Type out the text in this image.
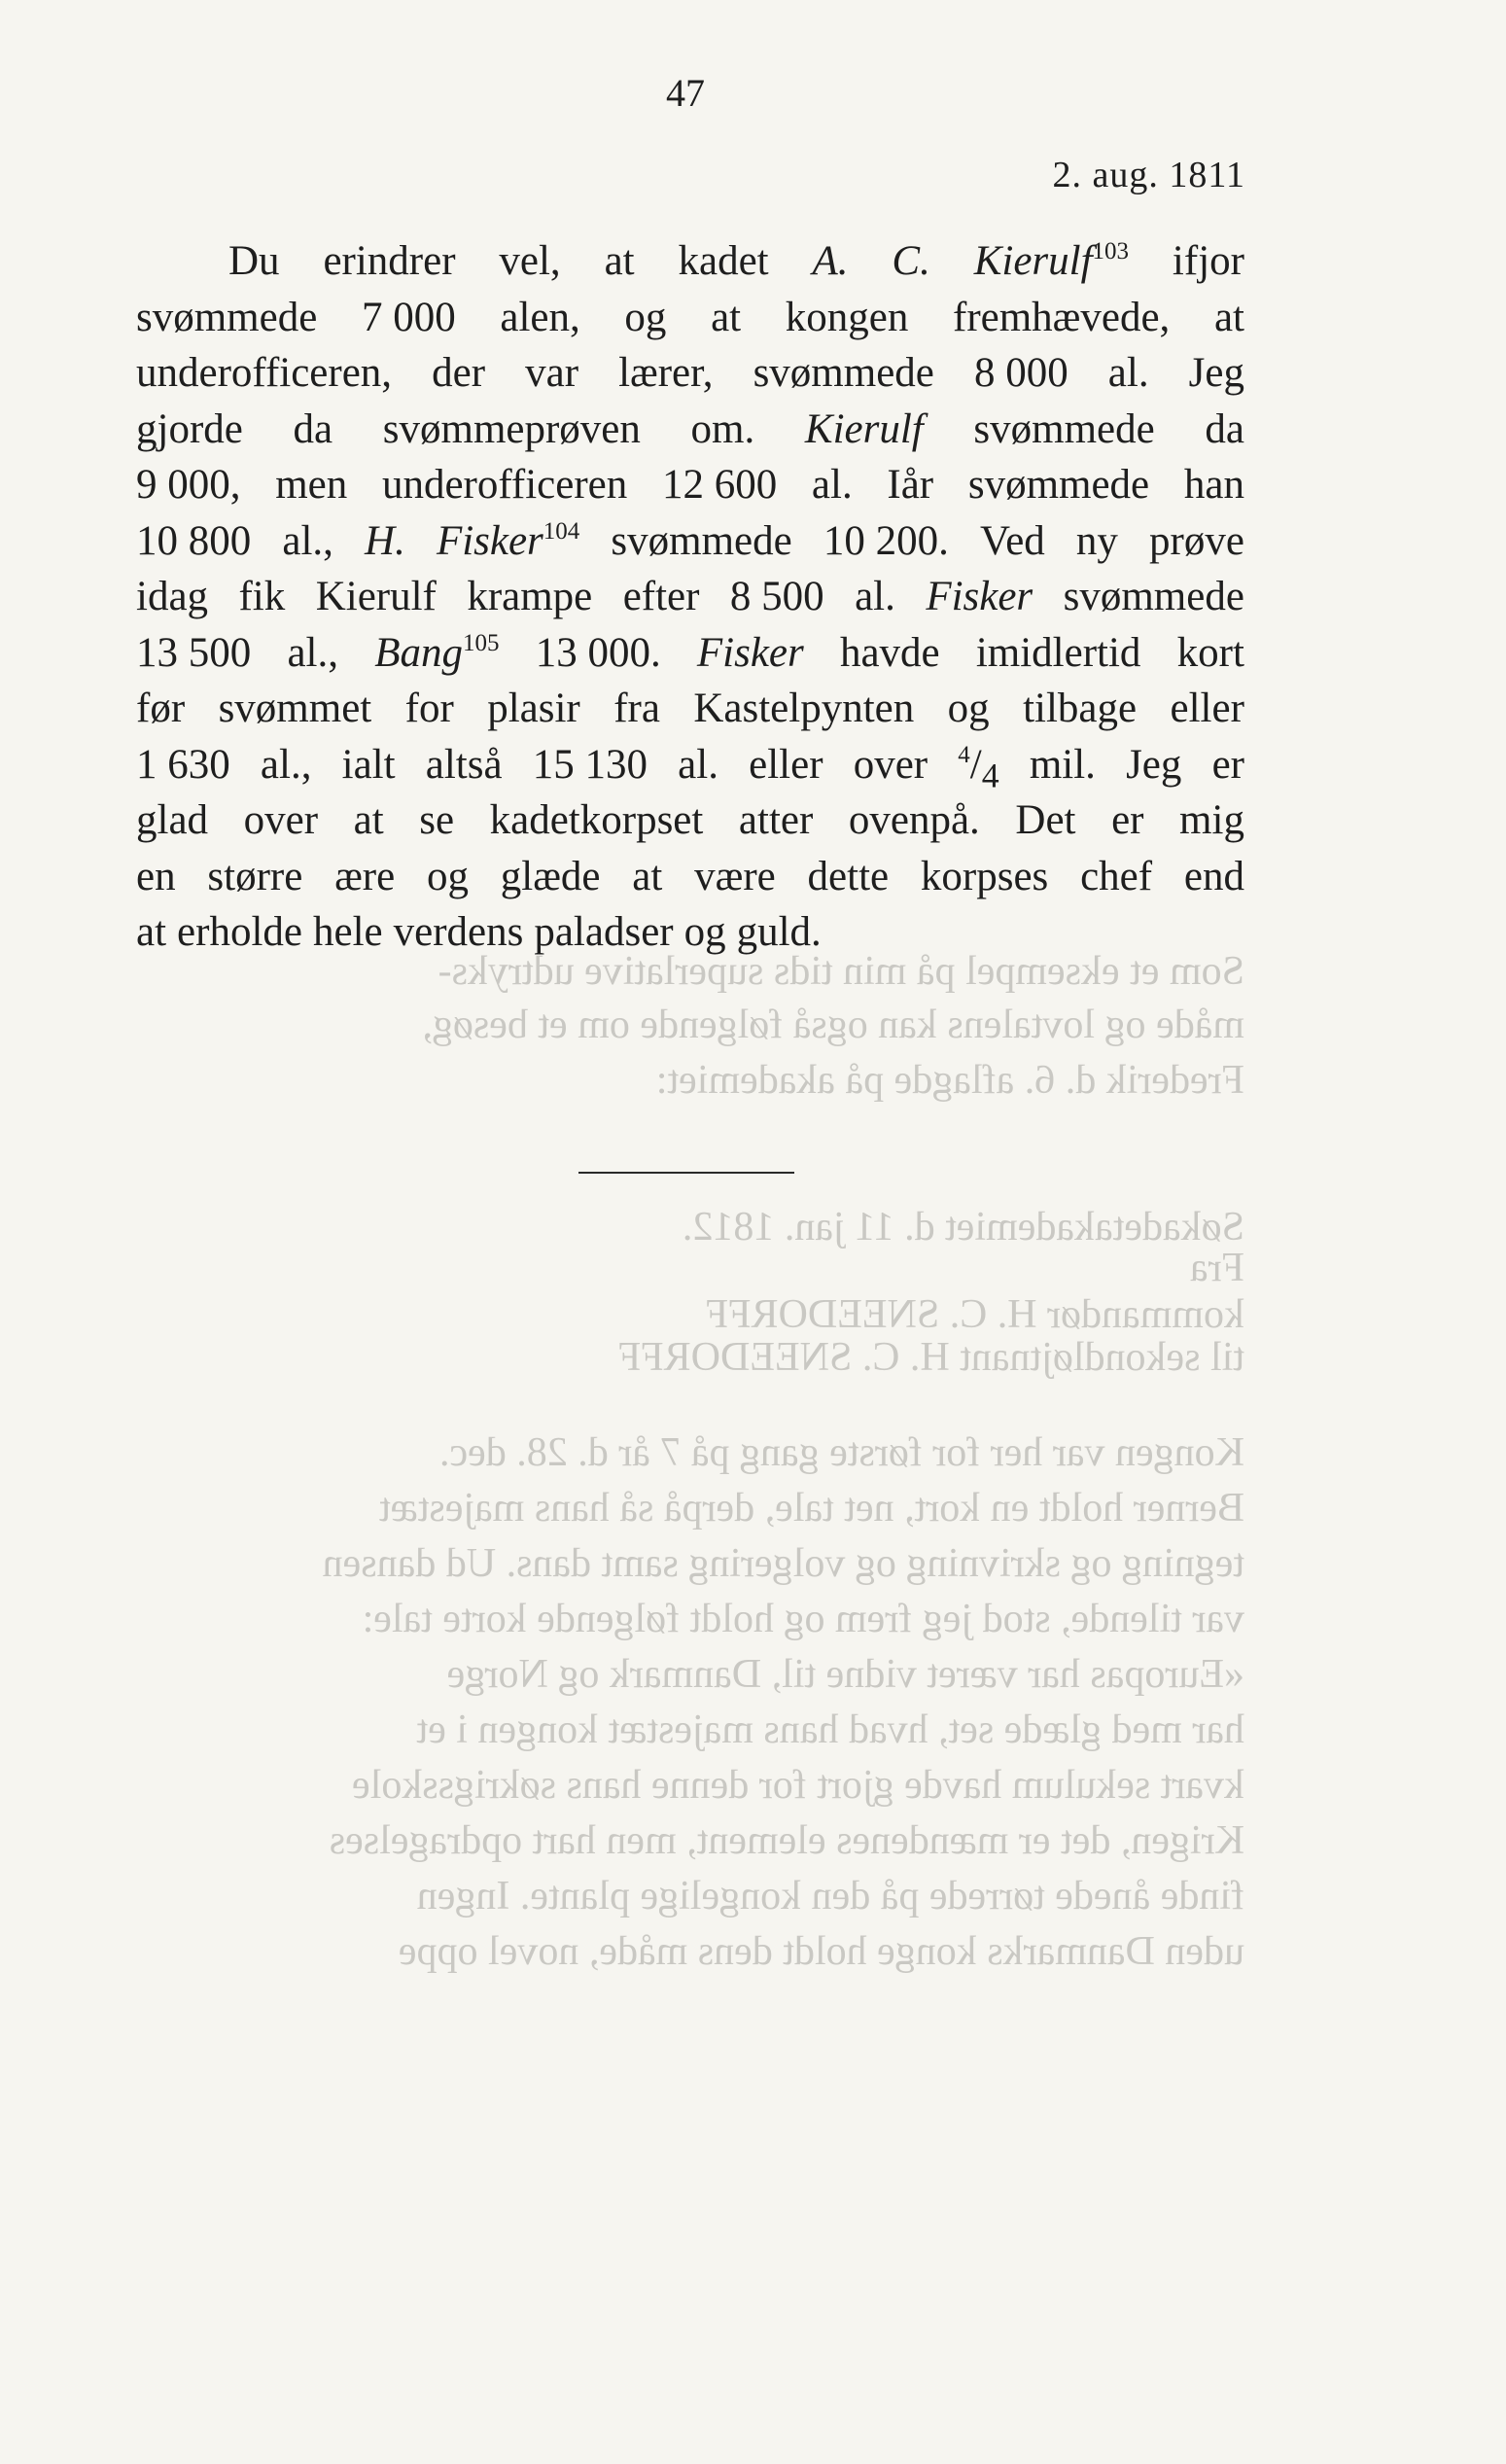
47
2. aug. 1811
Du erindrer vel, at kadet A. C. Kierulf$^{103}$ ifjor
svømmede 7 000 alen, og at kongen fremhævede, at
underofficeren, der var lærer, svømmede 8 000 al. Jeg
gjorde da svømmeprøven om. Kierulf svømmede da
9 000, men underofficeren 12 600 al. Iår svømmede han
10 800 al., H. Fisker$^{104}$ svømmede 10 200. Ved ny prøve
idag fik Kierulf krampe efter 8 500 al. Fisker svømmede
13 500 al., Bang$^{105}$ 13 000. Fisker havde imidlertid kort
før svømmet for plasir fra Kastelpynten og tilbage eller
1 630 al., ialt altså 15 130 al. eller over $^4/_4$ mil. Jeg er
glad over at se kadetkorpset atter ovenpå. Det er mig
en større ære og glæde at være dette korpses chef end
at erholde hele verdens paladser og guld.
Som et eksempel på min tids superlative udtryks-
måde og lovtalens kan også følgende om et besøg,
Frederik d. 6. aflagde på akademiet:
Søkadetakademiet d. 11 jan. 1812.
Fra
kommandør H. C. SNEEDORFF
til sekondløjtnant H. C. SNEEDORFF
Kongen var her for første gang på 7 år d. 28. dec.
Berner holdt en kort, net tale, derpå så hans majestæt
tegning og skrivning og volgering samt dans. Ud dansen
var tilende, stod jeg frem og holdt følgende korte tale:
«Europas har været vidne til, Danmark og Norge
har med glæde set, hvad hans majestæt kongen i et
kvart sekulum havde gjort for denne hans søkrigsskole
Krigen, det er mændenes element, men hart opdragelses
finde ånede tørrede på den kongelige plante. Ingen
uden Danmarks konge holdt dens måde, novel oppe
